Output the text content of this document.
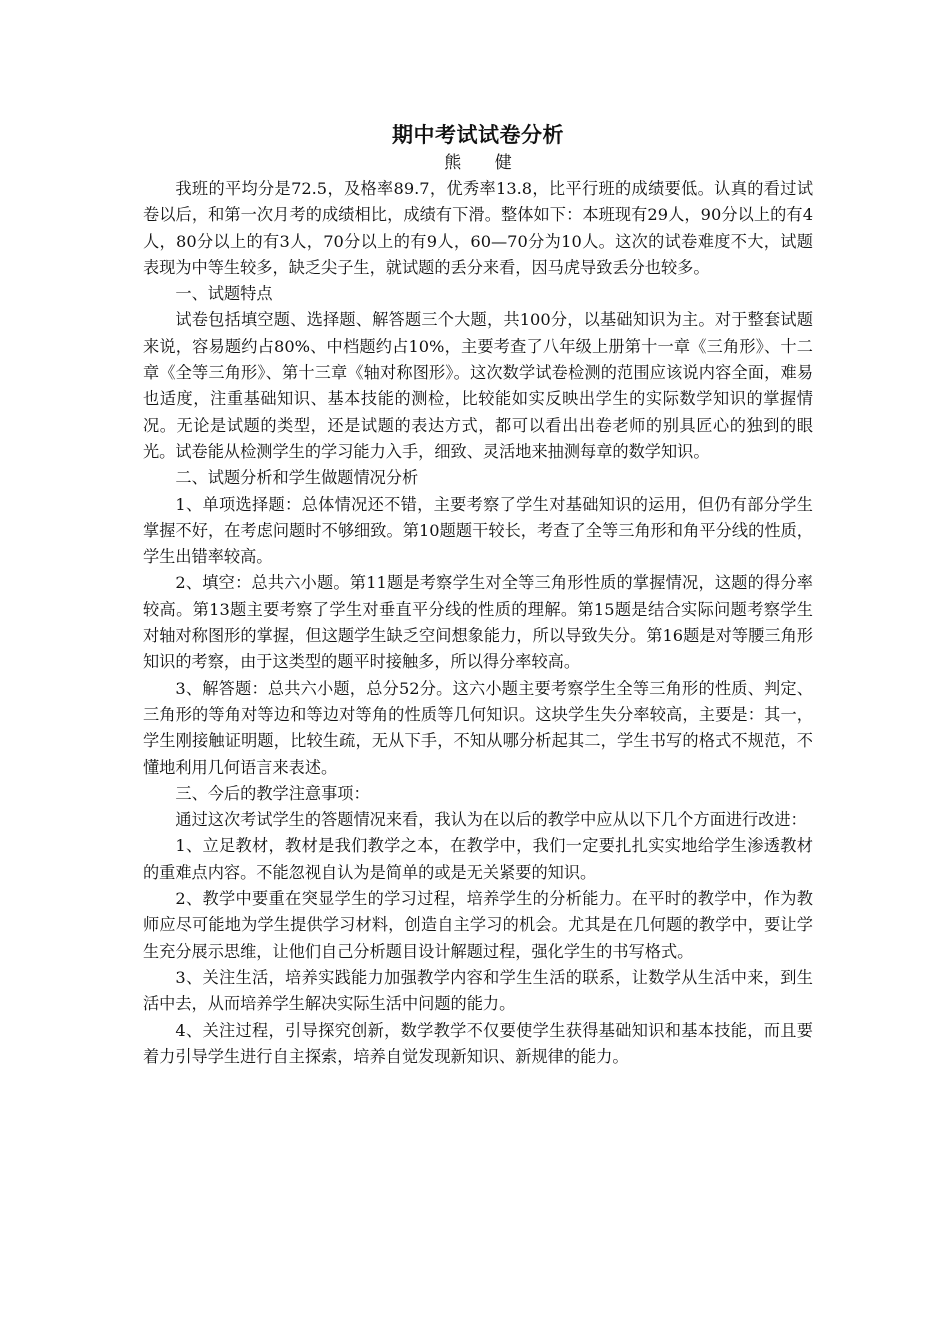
期中考试试卷分析
熊 健

我班的平均分是72.5，及格率89.7，优秀率13.8，比平行班的成绩要低。认真的看过试卷以后，和第一次月考的成绩相比，成绩有下滑。整体如下：本班现有29人，90分以上的有4人，80分以上的有3人，70分以上的有9人，60—70分为10人。这次的试卷难度不大，试题表现为中等生较多，缺乏尖子生，就试题的丢分来看，因马虎导致丢分也较多。

一、试题特点

试卷包括填空题、选择题、解答题三个大题，共100分，以基础知识为主。对于整套试题来说，容易题约占80%、中档题约占10%，主要考查了八年级上册第十一章《三角形》、十二章《全等三角形》、第十三章《轴对称图形》。这次数学试卷检测的范围应该说内容全面，难易也适度，注重基础知识、基本技能的测检，比较能如实反映出学生的实际数学知识的掌握情况。无论是试题的类型，还是试题的表达方式，都可以看出出卷老师的别具匠心的独到的眼光。试卷能从检测学生的学习能力入手，细致、灵活地来抽测每章的数学知识。

二、试题分析和学生做题情况分析

1、单项选择题：总体情况还不错，主要考察了学生对基础知识的运用，但仍有部分学生掌握不好，在考虑问题时不够细致。第10题题干较长，考查了全等三角形和角平分线的性质，学生出错率较高。

2、填空：总共六小题。第11题是考察学生对全等三角形性质的掌握情况，这题的得分率较高。第13题主要考察了学生对垂直平分线的性质的理解。第15题是结合实际问题考察学生对轴对称图形的掌握，但这题学生缺乏空间想象能力，所以导致失分。第16题是对等腰三角形知识的考察，由于这类型的题平时接触多，所以得分率较高。

3、解答题：总共六小题，总分52分。这六小题主要考察学生全等三角形的性质、判定、三角形的等角对等边和等边对等角的性质等几何知识。这块学生失分率较高，主要是：其一，学生刚接触证明题，比较生疏，无从下手，不知从哪分析起其二，学生书写的格式不规范，不懂地利用几何语言来表述。

三、今后的教学注意事项：

通过这次考试学生的答题情况来看，我认为在以后的教学中应从以下几个方面进行改进：

1、立足教材，教材是我们教学之本，在教学中，我们一定要扎扎实实地给学生渗透教材的重难点内容。不能忽视自认为是简单的或是无关紧要的知识。

2、教学中要重在突显学生的学习过程，培养学生的分析能力。在平时的教学中，作为教师应尽可能地为学生提供学习材料，创造自主学习的机会。尤其是在几何题的教学中，要让学生充分展示思维，让他们自己分析题目设计解题过程，强化学生的书写格式。

3、关注生活，培养实践能力加强教学内容和学生生活的联系，让数学从生活中来，到生活中去，从而培养学生解决实际生活中问题的能力。

4、关注过程，引导探究创新，数学教学不仅要使学生获得基础知识和基本技能，而且要着力引导学生进行自主探索，培养自觉发现新知识、新规律的能力。
